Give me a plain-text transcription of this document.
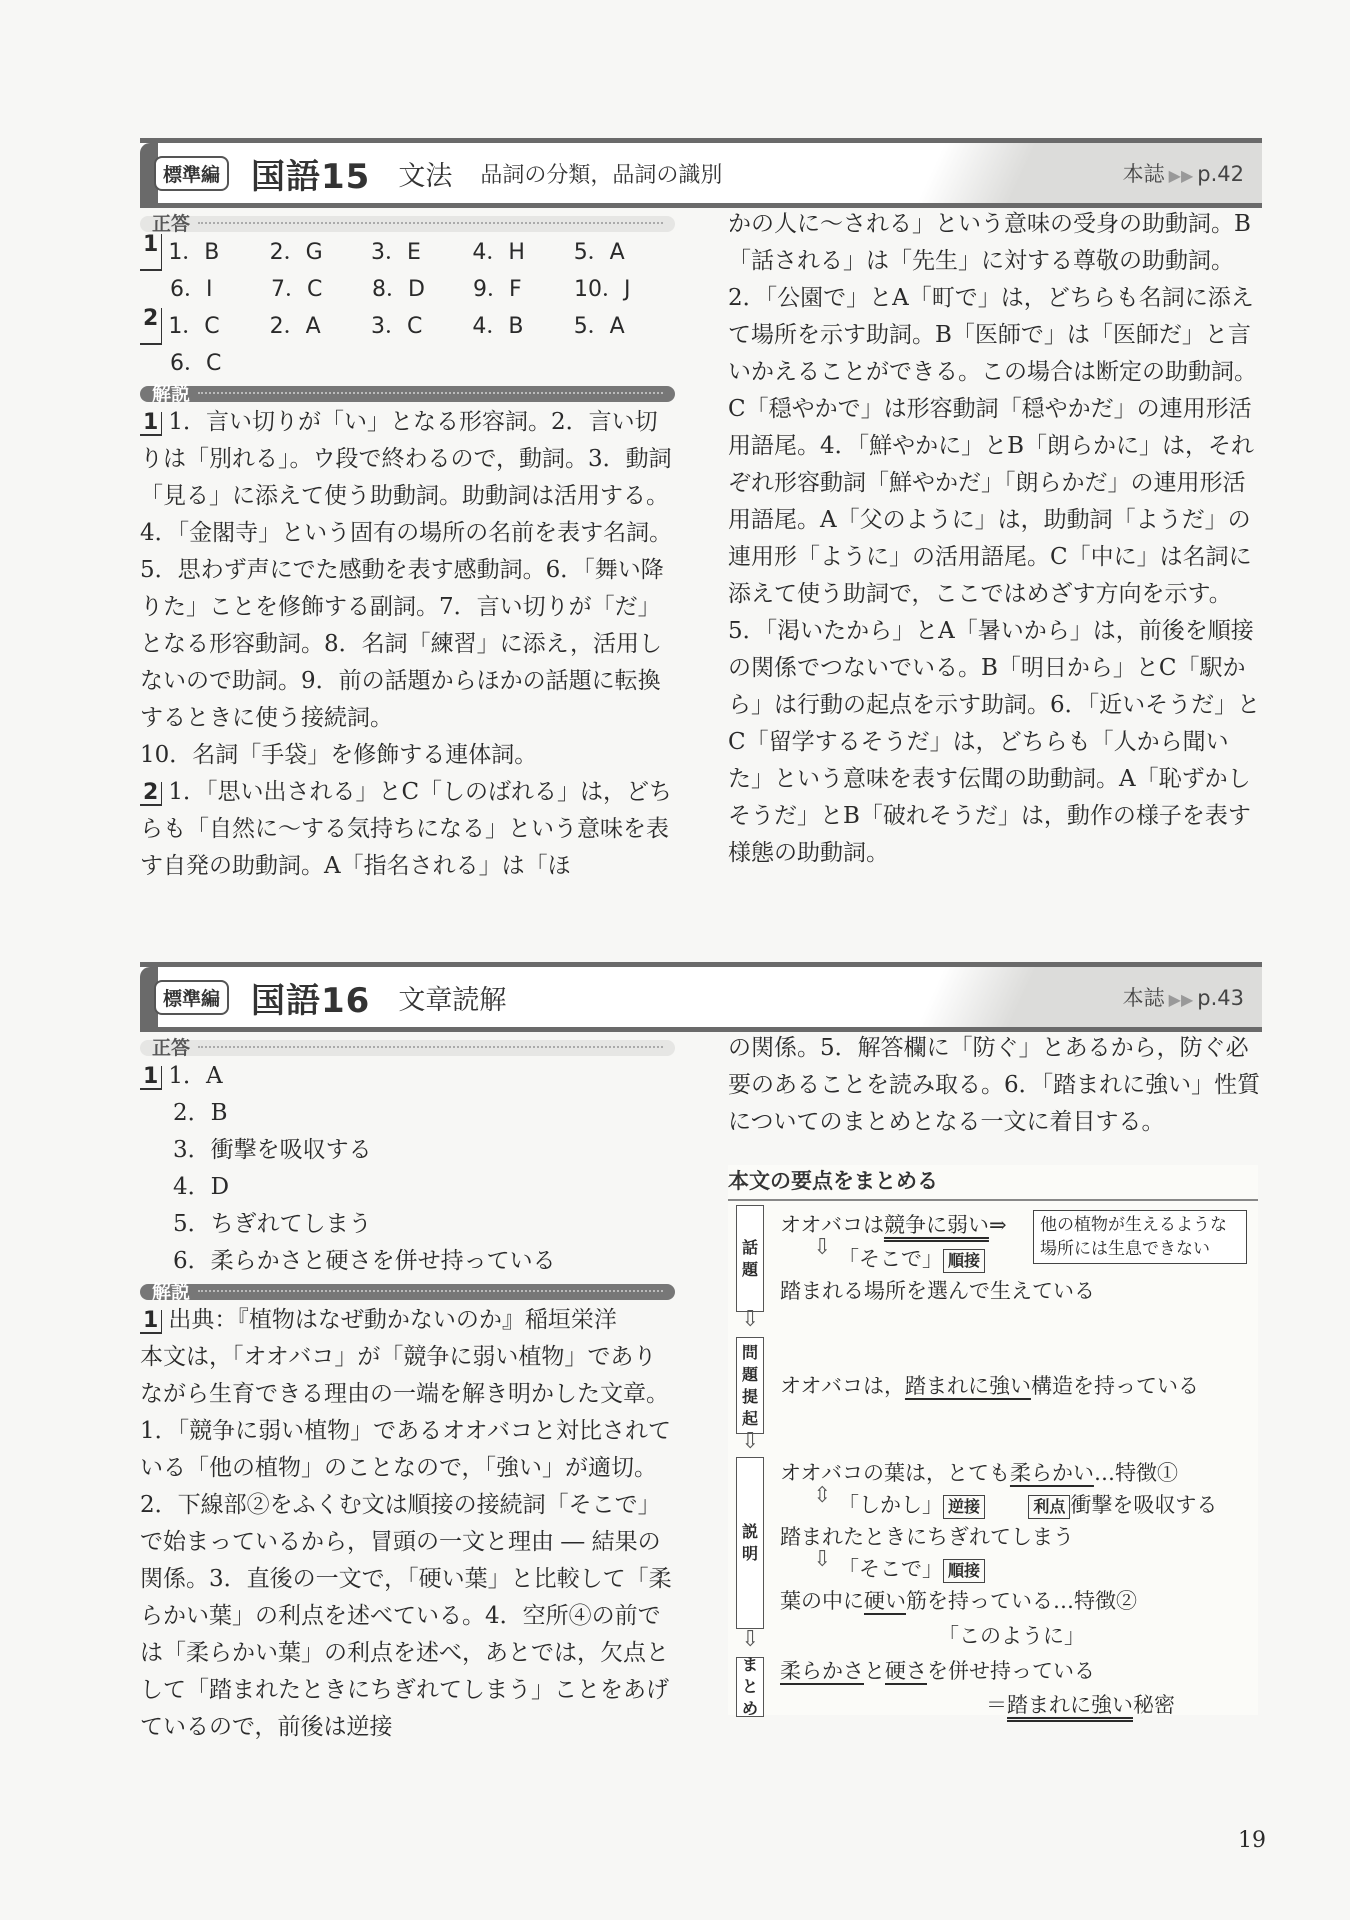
標準編 国語15 文法 品詞の分類，品詞の識別	本誌 ▶▶ p.42
正答
1 1．B	2．G	3．E	4．H	5．A
6．I	7．C	8．D	9．F	10．J
2 1．C	2．A	3．C	4．B	5．A
6．C
解説

1 1．言い切りが「い」となる形容詞。2．言い切りは「別れる」。ウ段で終わるので，動詞。3．動詞「見る」に添えて使う助動詞。助動詞は活用する。4．「金閣寺」という固有の場所の名前を表す名詞。5．思わず声にでた感動を表す感動詞。6．「舞い降りた」ことを修飾する副詞。7．言い切りが「だ」となる形容動詞。8．名詞「練習」に添え，活用しないので助詞。9．前の話題からほかの話題に転換するときに使う接続詞。

10．名詞「手袋」を修飾する連体詞。

2 1．「思い出される」とC「しのばれる」は，どちらも「自然に～する気持ちになる」という意味を表す自発の助動詞。A「指名される」は「ほ

かの人に～される」という意味の受身の助動詞。B「話される」は「先生」に対する尊敬の助動詞。2．「公園で」とA「町で」は，どちらも名詞に添えて場所を示す助詞。B「医師で」は「医師だ」と言いかえることができる。この場合は断定の助動詞。C「穏やかで」は形容動詞「穏やかだ」の連用形活用語尾。4．「鮮やかに」とB「朗らかに」は，それぞれ形容動詞「鮮やかだ」「朗らかだ」の連用形活用語尾。A「父のように」は，助動詞「ようだ」の連用形「ように」の活用語尾。C「中に」は名詞に添えて使う助詞で，ここではめざす方向を示す。5．「渇いたから」とA「暑いから」は，前後を順接の関係でつないでいる。B「明日から」とC「駅から」は行動の起点を示す助詞。6．「近いそうだ」とC「留学するそうだ」は，どちらも「人から聞いた」という意味を表す伝聞の助動詞。A「恥ずかしそうだ」とB「破れそうだ」は，動作の様子を表す様態の助動詞。

標準編 国語16 文章読解	本誌 ▶▶ p.43
正答
1 1．A
2．B
3．衝撃を吸収する
4．D
5．ちぎれてしまう
6．柔らかさと硬さを併せ持っている
解説

1 出典：『植物はなぜ動かないのか』稲垣栄洋

本文は，「オオバコ」が「競争に弱い植物」でありながら生育できる理由の一端を解き明かした文章。1．「競争に弱い植物」であるオオバコと対比されている「他の植物」のことなので，「強い」が適切。2．下線部②をふくむ文は順接の接続詞「そこで」で始まっているから，冒頭の一文と理由 ― 結果の関係。3．直後の一文で，「硬い葉」と比較して「柔らかい葉」の利点を述べている。4．空所④の前では「柔らかい葉」の利点を述べ，あとでは，欠点として「踏まれたときにちぎれてしまう」ことをあげているので，前後は逆接

の関係。5．解答欄に「防ぐ」とあるから，防ぐ必要のあることを読み取る。6．「踏まれに強い」性質についてのまとめとなる一文に着目する。

本文の要点をまとめる
話題
⇩
問題提起
⇩
説明
⇩
まとめ
オオバコは競争に弱い⇒	他の植物が生えるような場所には生息できない
⇩ 「そこで」 順接
踏まれる場所を選んで生えている
オオバコは，踏まれに強い構造を持っている
オオバコの葉は，とても柔らかい…特徴①
⇳ 「しかし」 逆接	利点 衝撃を吸収する
踏まれたときにちぎれてしまう
⇩ 「そこで」 順接
葉の中に硬い筋を持っている…特徴②
「このように」
柔らかさと硬さを併せ持っている
＝踏まれに強い秘密
19
